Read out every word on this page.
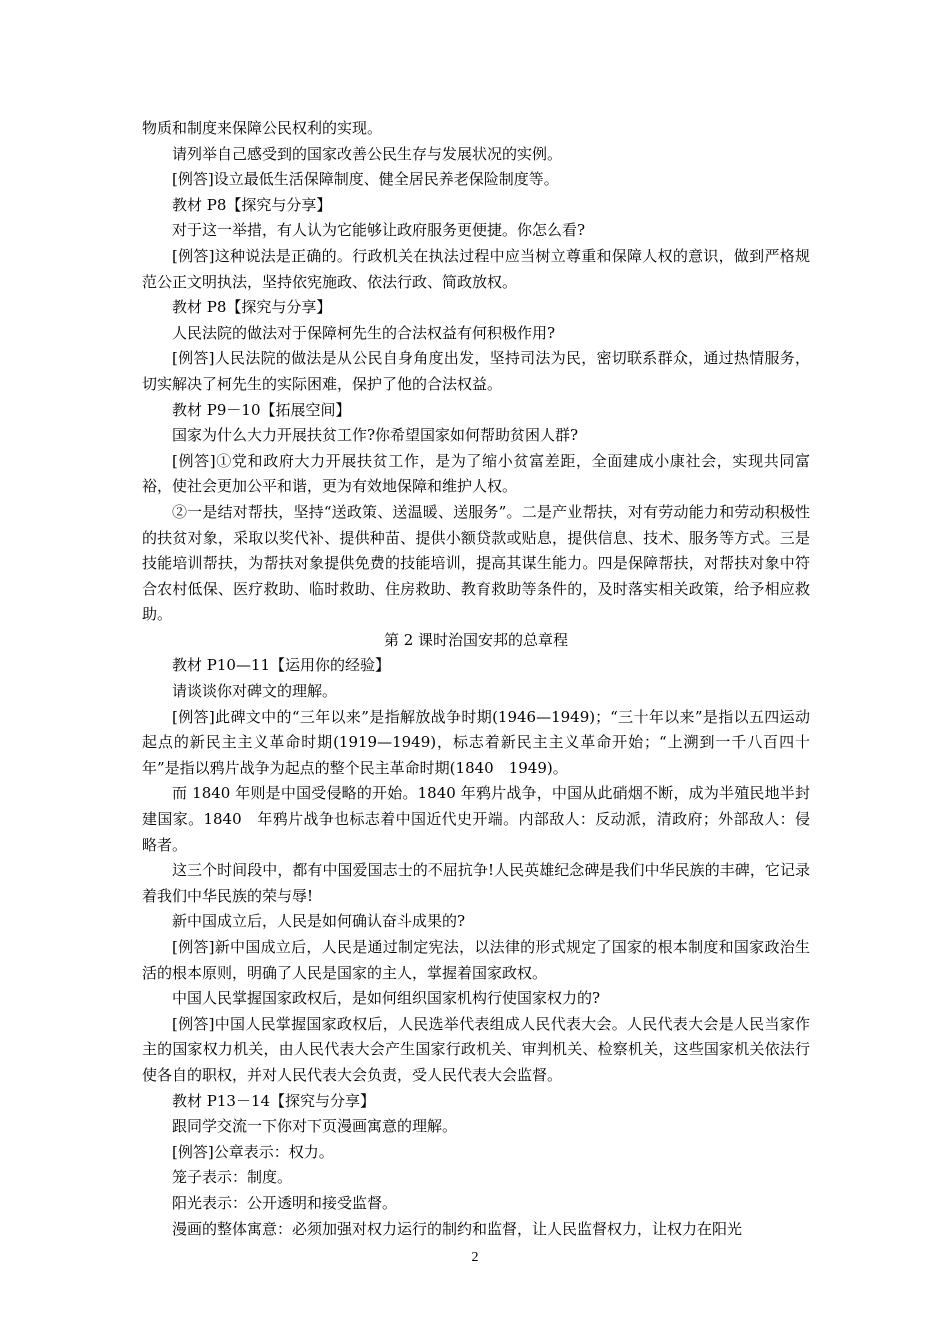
物质和制度来保障公民权利的实现。

请列举自己感受到的国家改善公民生存与发展状况的实例。

[例答]设立最低生活保障制度、健全居民养老保险制度等。

教材 P8【探究与分享】

对于这一举措，有人认为它能够让政府服务更便捷。你怎么看?

[例答]这种说法是正确的。行政机关在执法过程中应当树立尊重和保障人权的意识，做到严格规范公正文明执法，坚持依宪施政、依法行政、简政放权。

教材 P8【探究与分享】

人民法院的做法对于保障柯先生的合法权益有何积极作用?

[例答]人民法院的做法是从公民自身角度出发，坚持司法为民，密切联系群众，通过热情服务，切实解决了柯先生的实际困难，保护了他的合法权益。

教材 P9－10【拓展空间】

国家为什么大力开展扶贫工作?你希望国家如何帮助贫困人群?

[例答]①党和政府大力开展扶贫工作，是为了缩小贫富差距，全面建成小康社会，实现共同富裕，使社会更加公平和谐，更为有效地保障和维护人权。

②一是结对帮扶，坚持“送政策、送温暖、送服务”。二是产业帮扶，对有劳动能力和劳动积极性的扶贫对象，采取以奖代补、提供种苗、提供小额贷款或贴息，提供信息、技术、服务等方式。三是技能培训帮扶，为帮扶对象提供免费的技能培训，提高其谋生能力。四是保障帮扶，对帮扶对象中符合农村低保、医疗救助、临时救助、住房救助、教育救助等条件的，及时落实相关政策，给予相应救助。

第 2 课时治国安邦的总章程

教材 P10—11【运用你的经验】

请谈谈你对碑文的理解。

[例答]此碑文中的“三年以来”是指解放战争时期(1946—1949)；“三十年以来”是指以五四运动起点的新民主主义革命时期(1919—1949)，标志着新民主主义革命开始；“上溯到一千八百四十年”是指以鸦片战争为起点的整个民主革命时期(1840　1949)。

而 1840 年则是中国受侵略的开始。1840 年鸦片战争，中国从此硝烟不断，成为半殖民地半封建国家。1840　年鸦片战争也标志着中国近代史开端。内部敌人：反动派，清政府；外部敌人：侵略者。

这三个时间段中，都有中国爱国志士的不屈抗争!人民英雄纪念碑是我们中华民族的丰碑，它记录着我们中华民族的荣与辱!

新中国成立后，人民是如何确认奋斗成果的?

[例答]新中国成立后，人民是通过制定宪法，以法律的形式规定了国家的根本制度和国家政治生活的根本原则，明确了人民是国家的主人，掌握着国家政权。

中国人民掌握国家政权后，是如何组织国家机构行使国家权力的?

[例答]中国人民掌握国家政权后，人民选举代表组成人民代表大会。人民代表大会是人民当家作主的国家权力机关，由人民代表大会产生国家行政机关、审判机关、检察机关，这些国家机关依法行使各自的职权，并对人民代表大会负责，受人民代表大会监督。

教材 P13－14【探究与分享】

跟同学交流一下你对下页漫画寓意的理解。

[例答]公章表示：权力。

笼子表示：制度。

阳光表示：公开透明和接受监督。

漫画的整体寓意：必须加强对权力运行的制约和监督，让人民监督权力，让权力在阳光

2
